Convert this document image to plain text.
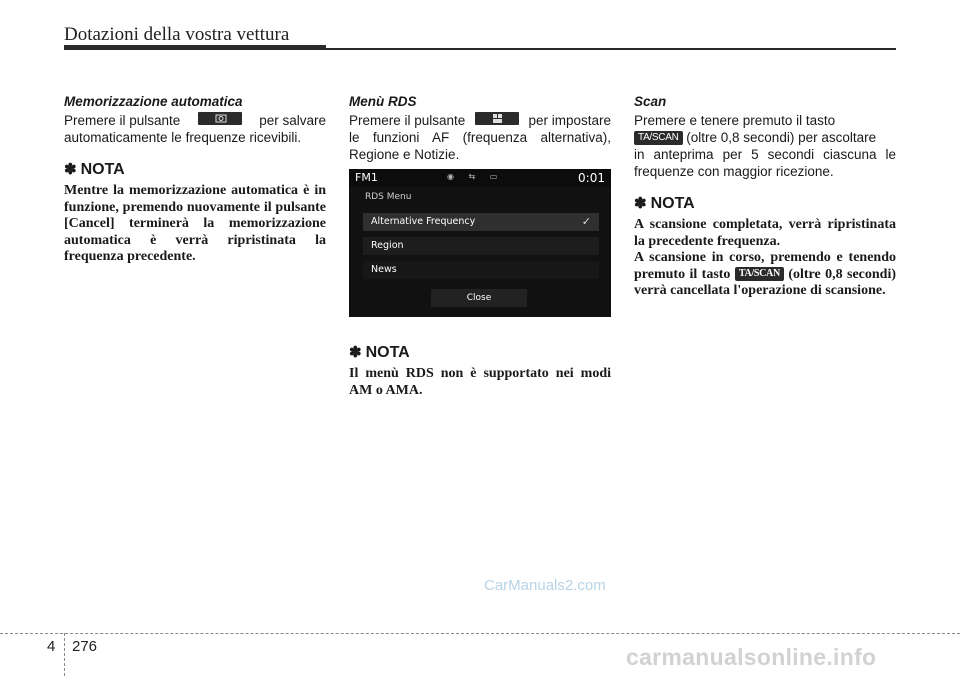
Dotazioni della vostra vettura

Memorizzazione automatica

Premere il pulsante	per salvare

automaticamente le frequenze ricevibili.

✽ NOTA

Mentre la memorizzazione automatica è in funzione, premendo nuovamente il pulsante [Cancel] terminerà la memorizzazione automatica è verrà ripristinata la frequenza precedente.

Menù RDS

Premere il pulsante	per impostare

le funzioni AF (frequenza alternativa), Regione e Notizie.

FM1	◉ ⇆ ▭	0:01
RDS Menu
Alternative Frequency	✓
Region
News
Close
✽ NOTA

Il menù RDS non è supportato nei modi AM o AMA.

Scan

Premere e tenere premuto il tasto

TA/SCAN (oltre 0,8 secondi) per ascoltare

in anteprima per 5 secondi ciascuna le frequenze con maggior ricezione.

✽ NOTA

A scansione completata, verrà ripristinata la precedente frequenza.

A scansione in corso, premendo e tenendo premuto il tasto TA/SCAN (oltre 0,8 secondi) verrà cancellata l'operazione di scansione.

CarManuals2.com
4 276	carmanualsonline.info
